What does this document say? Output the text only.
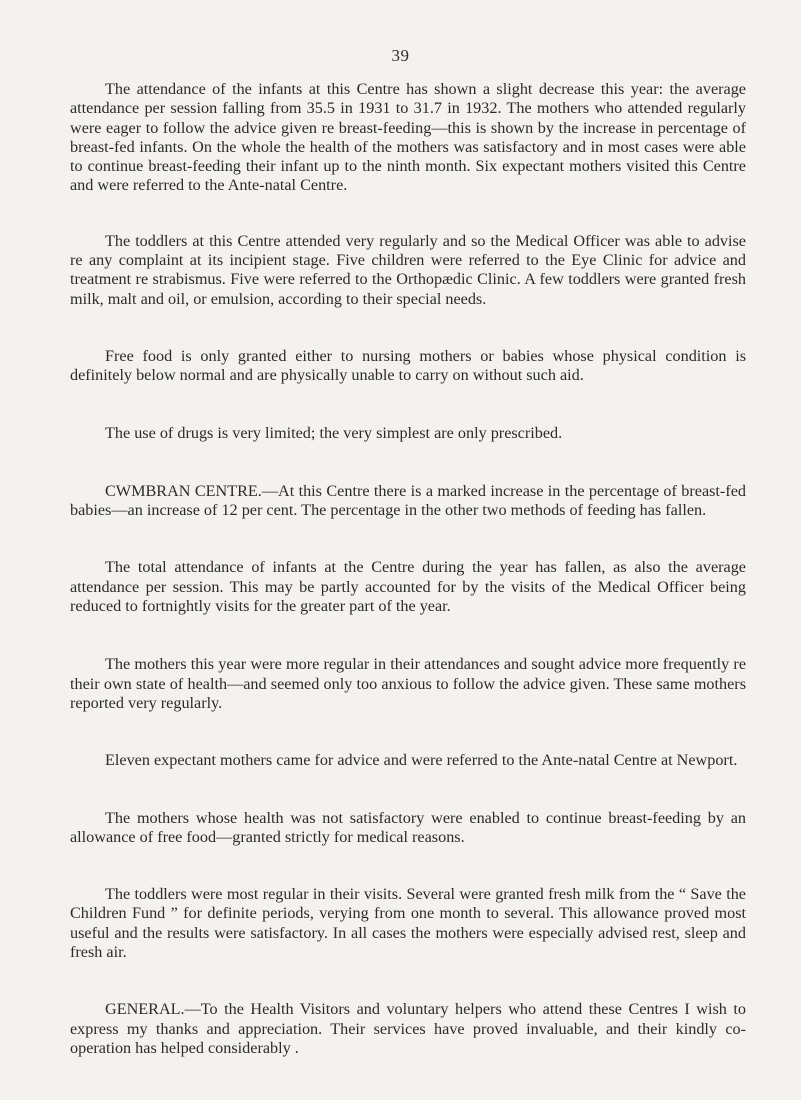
39

The attendance of the infants at this Centre has shown a slight decrease this year: the average attendance per session falling from 35.5 in 1931 to 31.7 in 1932. The mothers who attended regularly were eager to follow the advice given re breast-feeding—this is shown by the increase in percentage of breast-fed infants. On the whole the health of the mothers was satisfactory and in most cases were able to continue breast-feeding their infant up to the ninth month. Six expectant mothers visited this Centre and were referred to the Ante-natal Centre.

The toddlers at this Centre attended very regularly and so the Medical Officer was able to advise re any complaint at its incipient stage. Five children were referred to the Eye Clinic for advice and treatment re strabismus. Five were referred to the Orthopædic Clinic. A few toddlers were granted fresh milk, malt and oil, or emulsion, according to their special needs.

Free food is only granted either to nursing mothers or babies whose physical condition is definitely below normal and are physically unable to carry on without such aid.

The use of drugs is very limited; the very simplest are only prescribed.

CWMBRAN CENTRE.—At this Centre there is a marked increase in the percentage of breast-fed babies—an increase of 12 per cent. The percentage in the other two methods of feeding has fallen.

The total attendance of infants at the Centre during the year has fallen, as also the average attendance per session. This may be partly accounted for by the visits of the Medical Officer being reduced to fortnightly visits for the greater part of the year.

The mothers this year were more regular in their attendances and sought advice more frequently re their own state of health—and seemed only too anxious to follow the advice given. These same mothers reported very regularly.

Eleven expectant mothers came for advice and were referred to the Ante-natal Centre at Newport.

The mothers whose health was not satisfactory were enabled to continue breast-feeding by an allowance of free food—granted strictly for medical reasons.

The toddlers were most regular in their visits. Several were granted fresh milk from the “ Save the Children Fund ” for definite periods, verying from one month to several. This allowance proved most useful and the results were satisfactory. In all cases the mothers were especially advised rest, sleep and fresh air.

GENERAL.—To the Health Visitors and voluntary helpers who attend these Centres I wish to express my thanks and appreciation. Their services have proved invaluable, and their kindly co-operation has helped considerably .
